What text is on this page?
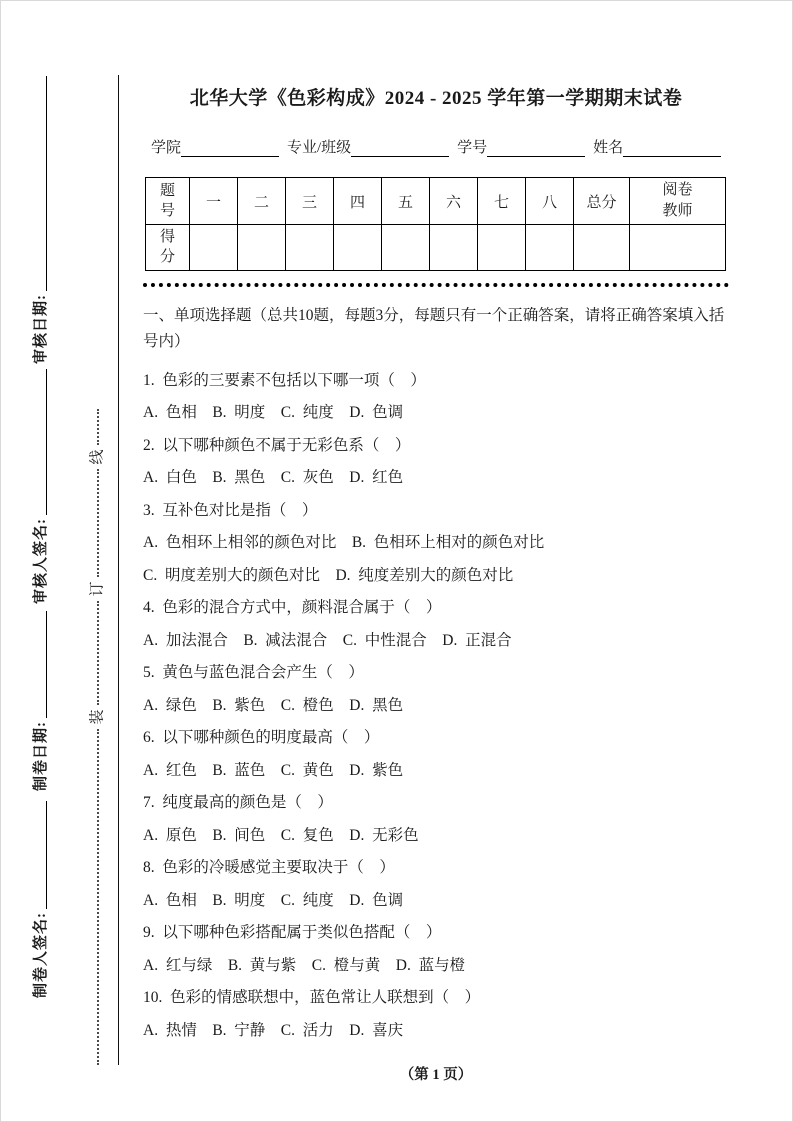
审核日期:
审核人签名:
制卷日期:
制卷人签名:
线
订
装
北华大学《色彩构成》2024 - 2025 学年第一学期期末试卷
学院	专业/班级	学号	姓名
题号	一	二	三	四	五	六	七	八	总分	阅卷教师

得分										

一、单项选择题（总共10题，每题3分，每题只有一个正确答案，请将正确答案填入括号内）

1.  色彩的三要素不包括以下哪一项（　）

A.  色相　B.  明度　C.  纯度　D.  色调

2.  以下哪种颜色不属于无彩色系（　）

A.  白色　B.  黑色　C.  灰色　D.  红色

3.  互补色对比是指（　）

A.  色相环上相邻的颜色对比　B.  色相环上相对的颜色对比

C.  明度差别大的颜色对比　D.  纯度差别大的颜色对比

4.  色彩的混合方式中，颜料混合属于（　）

A.  加法混合　B.  减法混合　C.  中性混合　D.  正混合

5.  黄色与蓝色混合会产生（　）

A.  绿色　B.  紫色　C.  橙色　D.  黑色

6.  以下哪种颜色的明度最高（　）

A.  红色　B.  蓝色　C.  黄色　D.  紫色

7.  纯度最高的颜色是（　）

A.  原色　B.  间色　C.  复色　D.  无彩色

8.  色彩的冷暖感觉主要取决于（　）

A.  色相　B.  明度　C.  纯度　D.  色调

9.  以下哪种色彩搭配属于类似色搭配（　）

A.  红与绿　B.  黄与紫　C.  橙与黄　D.  蓝与橙

10.  色彩的情感联想中，蓝色常让人联想到（　）

A.  热情　B.  宁静　C.  活力　D.  喜庆

（第 1 页）
